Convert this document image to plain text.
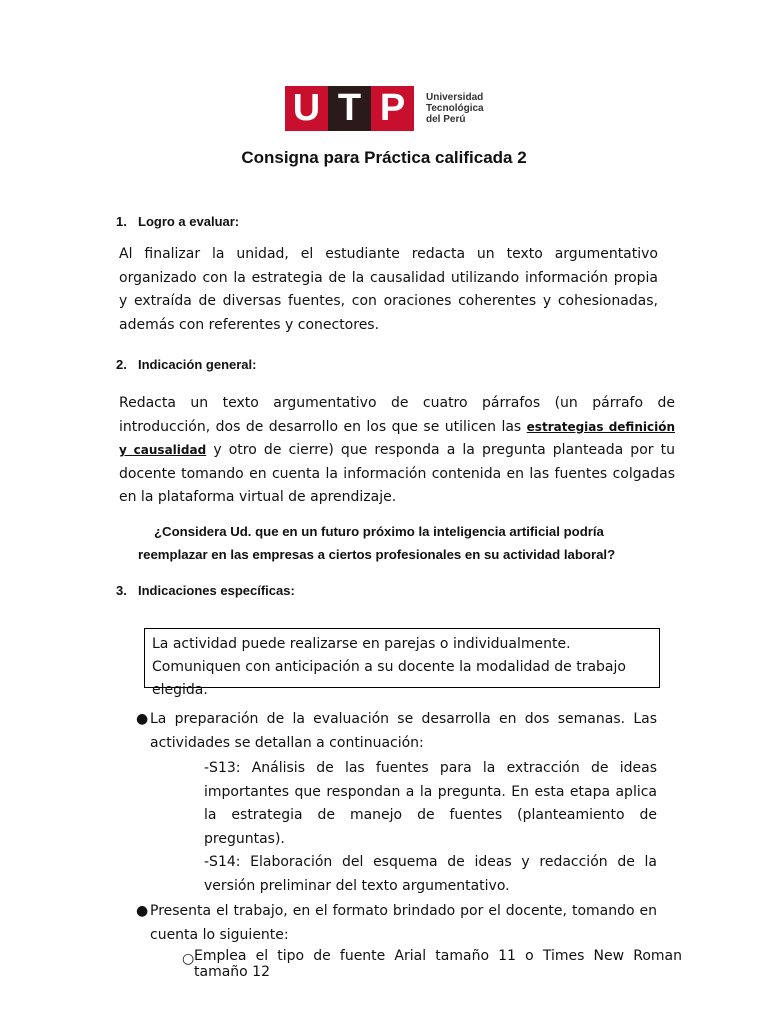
U T P	Universidad
Tecnológica
del Perú
Consigna para Práctica calificada 2
1. Logro a evaluar:
Al finalizar la unidad, el estudiante redacta un texto argumentativo organizado con la estrategia de la causalidad utilizando información propia y extraída de diversas fuentes, con oraciones coherentes y cohesionadas, además con referentes y conectores.
2. Indicación general:
Redacta un texto argumentativo de cuatro párrafos (un párrafo de introducción, dos de desarrollo en los que se utilicen las estrategias definición y causalidad y otro de cierre) que responda a la pregunta planteada por tu docente tomando en cuenta la información contenida en las fuentes colgadas en la plataforma virtual de aprendizaje.
¿Considera Ud. que en un futuro próximo la inteligencia artificial podría
reemplazar en las empresas a ciertos profesionales en su actividad laboral?
3. Indicaciones específicas:

La actividad puede realizarse en parejas o individualmente. Comuniquen con anticipación a su docente la modalidad de trabajo elegida.

● La preparación de la evaluación se desarrolla en dos semanas. Las actividades se detallan a continuación:
-S13: Análisis de las fuentes para la extracción de ideas importantes que respondan a la pregunta. En esta etapa aplica la estrategia de manejo de fuentes (planteamiento de preguntas).
-S14: Elaboración del esquema de ideas y redacción de la versión preliminar del texto argumentativo.
● Presenta el trabajo, en el formato brindado por el docente, tomando en cuenta lo siguiente:
○ Emplea el tipo de fuente Arial tamaño 11 o Times New Roman tamaño 12
